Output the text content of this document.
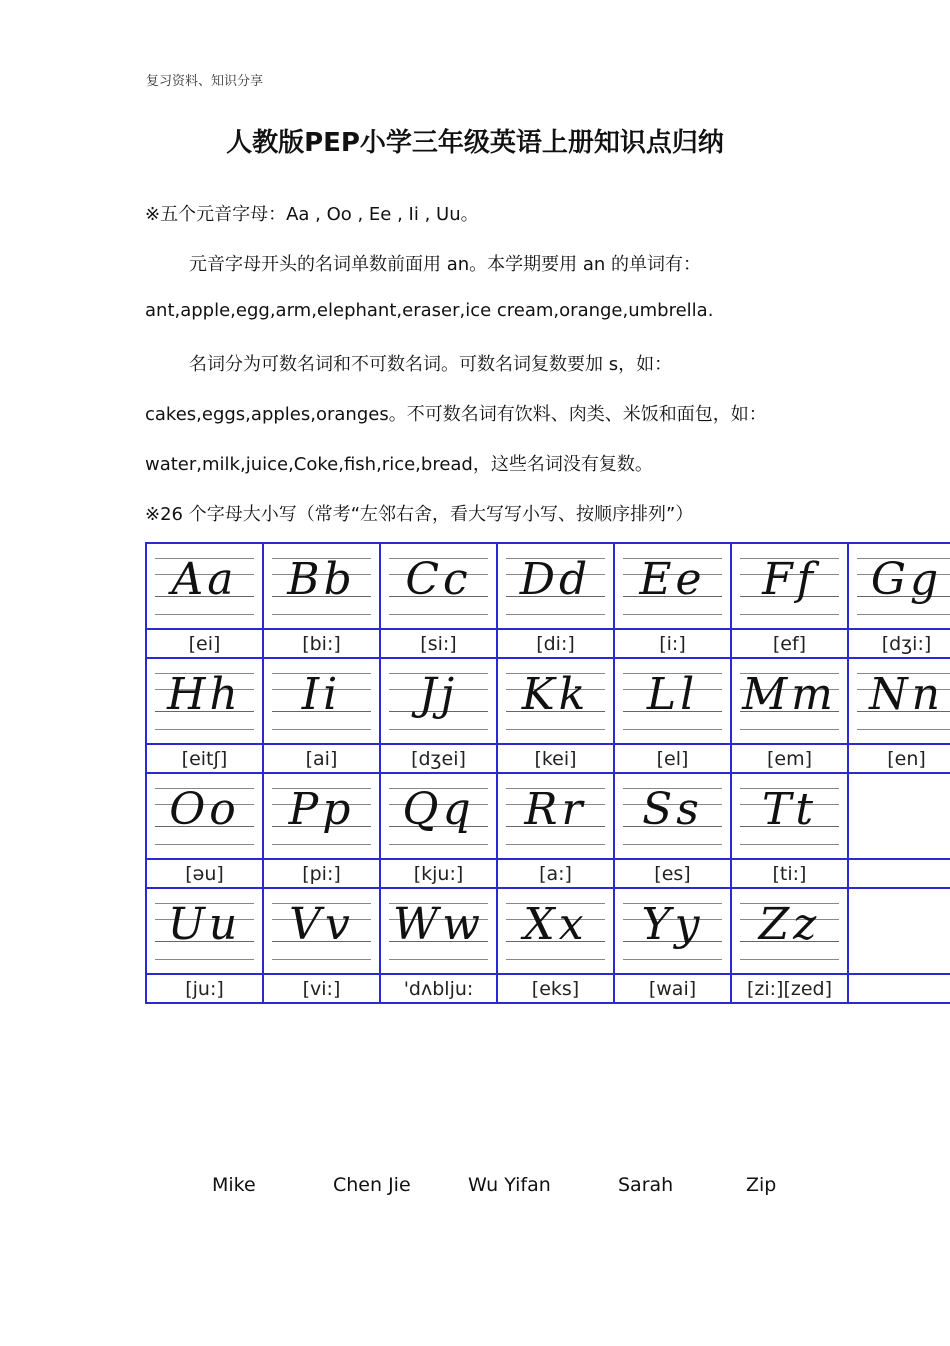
复习资料、知识分享
人教版PEP小学三年级英语上册知识点归纳
※五个元音字母：Aa , Oo , Ee , Ii , Uu。
元音字母开头的名词单数前面用 an。本学期要用 an 的单词有：
ant,apple,egg,arm,elephant,eraser,ice cream,orange,umbrella.
名词分为可数名词和不可数名词。可数名词复数要加 s，如：
cakes,eggs,apples,oranges。不可数名词有饮料、肉类、米饭和面包，如：
water,milk,juice,Coke,fish,rice,bread，这些名词没有复数。
※26 个字母大小写（常考“左邻右舍，看大写写小写、按顺序排列”）
Aa	Bb	Cc	Dd	Ee	Ff	Gg

[ei]	[bi:]	[si:]	[di:]	[i:]	[ef]	[dʒi:]

Hh	Ii	Jj	Kk	Ll	Mm	Nn

[eitʃ]	[ai]	[dʒei]	[kei]	[el]	[em]	[en]

Oo	Pp	Qq	Rr	Ss	Tt	

[əu]	[pi:]	[kju:]	[a:]	[es]	[ti:]	

Uu	Vv	Ww	Xx	Yy	Zz	

[ju:]	[vi:]	'dʌblju:	[eks]	[wai]	[zi:][zed]	
Mike	Chen Jie	Wu Yifan	Sarah	Zip
